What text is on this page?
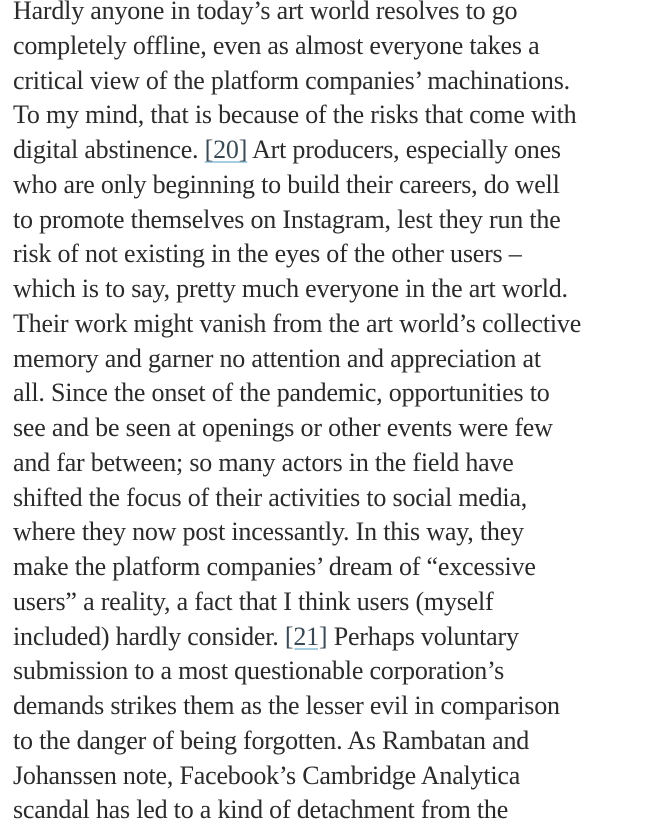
Hardly anyone in today’s art world resolves to go
completely offline, even as almost everyone takes a
critical view of the platform companies’ machinations.
To my mind, that is because of the risks that come with
digital abstinence. [20] Art producers, especially ones
who are only beginning to build their careers, do well
to promote themselves on Instagram, lest they run the
risk of not existing in the eyes of the other users –
which is to say, pretty much everyone in the art world.
Their work might vanish from the art world’s collective
memory and garner no attention and appreciation at
all. Since the onset of the pandemic, opportunities to
see and be seen at openings or other events were few
and far between; so many actors in the field have
shifted the focus of their activities to social media,
where they now post incessantly. In this way, they
make the platform companies’ dream of “excessive
users” a reality, a fact that I think users (myself
included) hardly consider. [21] Perhaps voluntary
submission to a most questionable corporation’s
demands strikes them as the lesser evil in comparison
to the danger of being forgotten. As Rambatan and
Johanssen note, Facebook’s Cambridge Analytica
scandal has led to a kind of detachment from the
